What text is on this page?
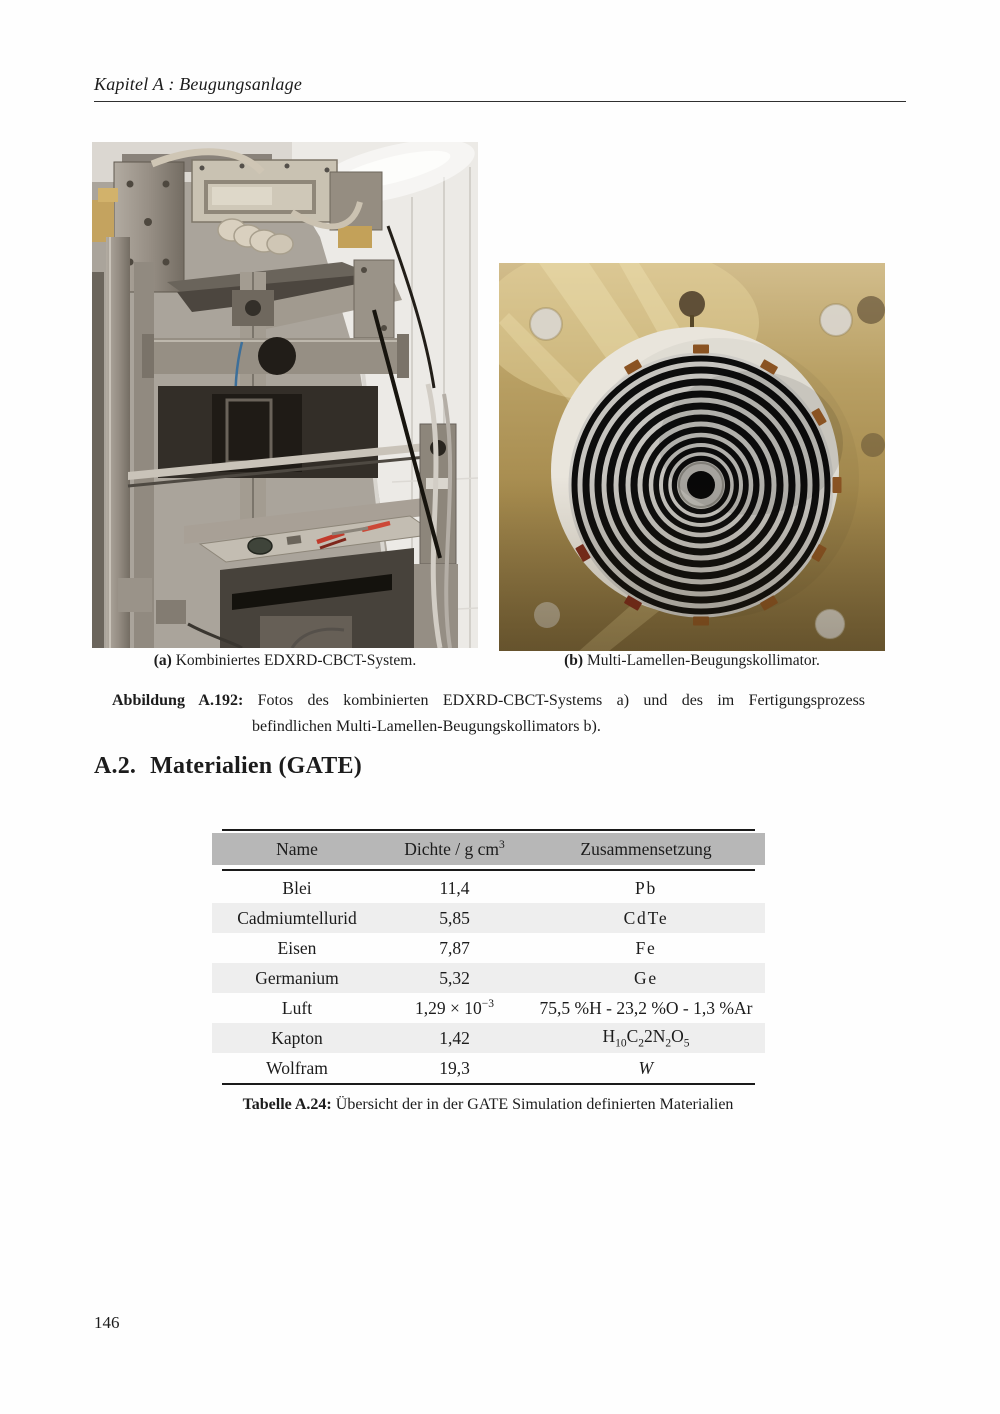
Kapitel A : Beugungsanlage
(a) Kombiniertes EDXRD-CBCT-System.	(b) Multi-Lamellen-Beugungskollimator.
Abbildung A.192: Fotos des kombinierten EDXRD-CBCT-Systems a) und des im Fertigungsprozess
befindlichen Multi-Lamellen-Beugungskollimators b).
A.2. Materialien (GATE)
Name	Dichte / g $cm^3$	Zusammensetzung
Blei	11,4	Pb
Cadmiumtellurid	5,85	CdTe
Eisen	7,87	Fe
Germanium	5,32	Ge
Luft	$1,29 \times 10^{-3}$	75,5 %H - 23,2 %O - 1,3 %Ar
Kapton	1,42	$H_{10}C_22N_2O_5$
Wolfram	19,3	W
Tabelle A.24: Übersicht der in der GATE Simulation definierten Materialien
146
